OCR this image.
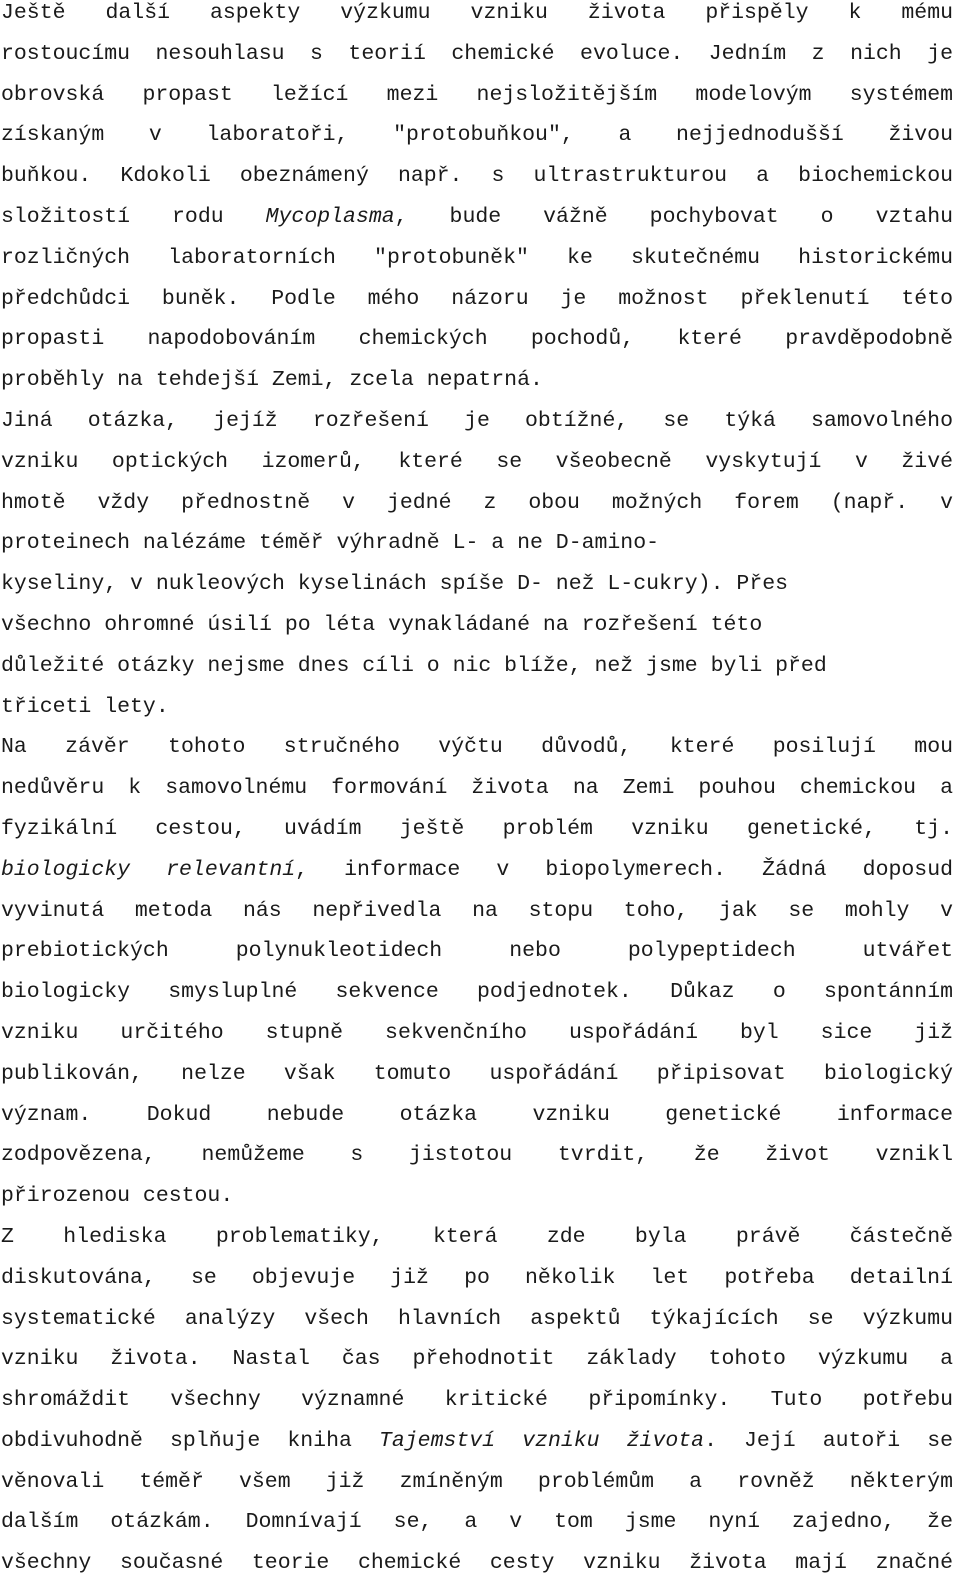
Ještě další aspekty výzkumu vzniku života přispěly k mému
rostoucímu nesouhlasu s teorií chemické evoluce. Jedním z nich je
obrovská propast ležící mezi nejsložitějším modelovým systémem
získaným v laboratoři, "protobuňkou", a nejjednodušší živou
buňkou. Kdokoli obeznámený např. s ultrastrukturou a biochemickou
složitostí rodu Mycoplasma, bude vážně pochybovat o vztahu
rozličných laboratorních "protobuněk" ke skutečnému historickému
předchůdci buněk. Podle mého názoru je možnost překlenutí této
propasti napodobováním chemických pochodů, které pravděpodobně
proběhly na tehdejší Zemi, zcela nepatrná.
Jiná otázka, jejíž rozřešení je obtížné, se týká samovolného
vzniku optických izomerů, které se všeobecně vyskytují v živé
hmotě vždy přednostně v jedné z obou možných forem (např. v
proteinech nalézáme téměř výhradně L- a ne D-amino-
kyseliny, v nukleových kyselinách spíše D- než L-cukry). Přes
všechno ohromné úsilí po léta vynakládané na rozřešení této
důležité otázky nejsme dnes cíli o nic blíže, než jsme byli před
třiceti lety.
Na závěr tohoto stručného výčtu důvodů, které posilují mou
nedůvěru k samovolnému formování života na Zemi pouhou chemickou a
fyzikální cestou, uvádím ještě problém vzniku genetické, tj.
biologicky relevantní, informace v biopolymerech. Žádná doposud
vyvinutá metoda nás nepřivedla na stopu toho, jak se mohly v
prebiotických polynukleotidech nebo polypeptidech utvářet
biologicky smysluplné sekvence podjednotek. Důkaz o spontánním
vzniku určitého stupně sekvenčního uspořádání byl sice již
publikován, nelze však tomuto uspořádání připisovat biologický
význam. Dokud nebude otázka vzniku genetické informace
zodpovězena, nemůžeme s jistotou tvrdit, že život vznikl
přirozenou cestou.
Z hlediska problematiky, která zde byla právě částečně
diskutována, se objevuje již po několik let potřeba detailní
systematické analýzy všech hlavních aspektů týkajících se výzkumu
vzniku života. Nastal čas přehodnotit základy tohoto výzkumu a
shromáždit všechny významné kritické připomínky. Tuto potřebu
obdivuhodně splňuje kniha Tajemství vzniku života. Její autoři se
věnovali téměř všem již zmíněným problémům a rovněž některým
dalším otázkám. Domnívají se, a v tom jsme nyní zajedno, že
všechny současné teorie chemické cesty vzniku života mají značné
